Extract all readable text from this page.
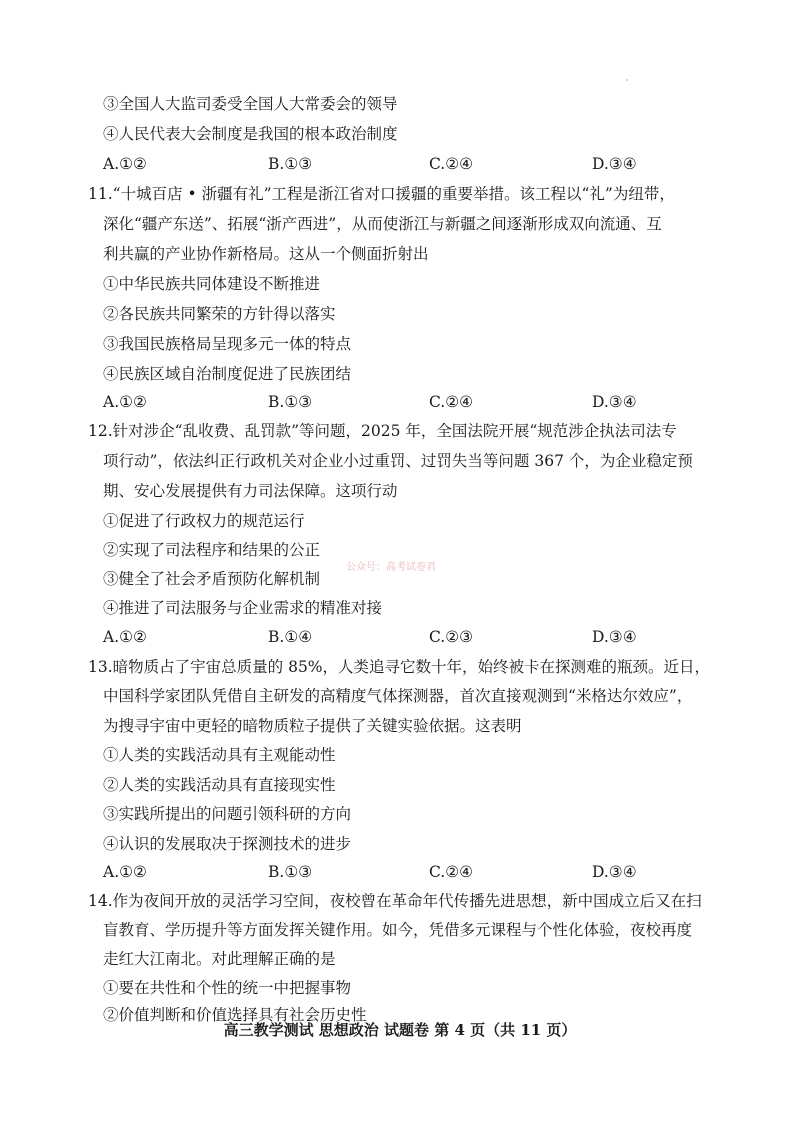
③全国人大监司委受全国人大常委会的领导
④人民代表大会制度是我国的根本政治制度
A.①②	B.①③	C.②④	D.③④
11.“十城百店 • 浙疆有礼”工程是浙江省对口援疆的重要举措。该工程以“礼”为纽带，
深化“疆产东送”、拓展“浙产西进”，从而使浙江与新疆之间逐渐形成双向流通、互
利共赢的产业协作新格局。这从一个侧面折射出
①中华民族共同体建设不断推进
②各民族共同繁荣的方针得以落实
③我国民族格局呈现多元一体的特点
④民族区域自治制度促进了民族团结
A.①②	B.①③	C.②④	D.③④
12.针对涉企“乱收费、乱罚款”等问题，2025 年，全国法院开展“规范涉企执法司法专
项行动”，依法纠正行政机关对企业小过重罚、过罚失当等问题 367 个，为企业稳定预
期、安心发展提供有力司法保障。这项行动
①促进了行政权力的规范运行
②实现了司法程序和结果的公正
③健全了社会矛盾预防化解机制
公众号：高考试卷君
④推进了司法服务与企业需求的精准对接
A.①②	B.①④	C.②③	D.③④
13.暗物质占了宇宙总质量的 85%，人类追寻它数十年，始终被卡在探测难的瓶颈。近日，
中国科学家团队凭借自主研发的高精度气体探测器，首次直接观测到“米格达尔效应”，
为搜寻宇宙中更轻的暗物质粒子提供了关键实验依据。这表明
①人类的实践活动具有主观能动性
②人类的实践活动具有直接现实性
③实践所提出的问题引领科研的方向
④认识的发展取决于探测技术的进步
A.①②	B.①③	C.②④	D.③④
14.作为夜间开放的灵活学习空间，夜校曾在革命年代传播先进思想，新中国成立后又在扫
盲教育、学历提升等方面发挥关键作用。如今，凭借多元课程与个性化体验，夜校再度
走红大江南北。对此理解正确的是
①要在共性和个性的统一中把握事物
②价值判断和价值选择具有社会历史性
高三教学测试 思想政治 试题卷 第 4 页（共 11 页）
